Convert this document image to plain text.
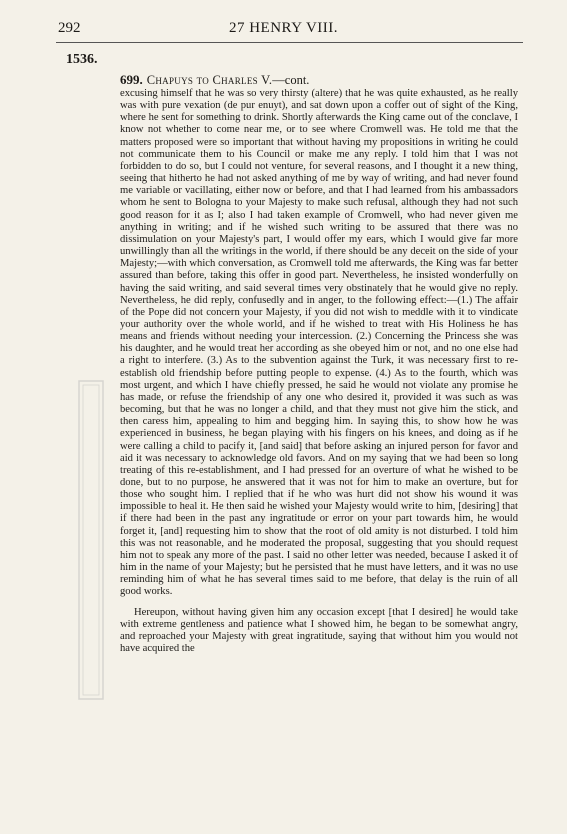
292	27 HENRY VIII.
1536.
699. Chapuys to Charles V.—cont.

excusing himself that he was so very thirsty (altere) that he was quite exhausted, as he really was with pure vexation (de pur enuyt), and sat down upon a coffer out of sight of the King, where he sent for something to drink. Shortly afterwards the King came out of the conclave, I know not whether to come near me, or to see where Cromwell was. He told me that the matters proposed were so important that without having my propositions in writing he could not communicate them to his Council or make me any reply. I told him that I was not forbidden to do so, but I could not venture, for several reasons, and I thought it a new thing, seeing that hitherto he had not asked anything of me by way of writing, and had never found me variable or vacillating, either now or before, and that I had learned from his ambassadors whom he sent to Bologna to your Majesty to make such refusal, although they had not such good reason for it as I; also I had taken example of Cromwell, who had never given me anything in writing; and if he wished such writing to be assured that there was no dissimulation on your Majesty's part, I would offer my ears, which I would give far more unwillingly than all the writings in the world, if there should be any deceit on the side of your Majesty;—with which conversation, as Cromwell told me afterwards, the King was far better assured than before, taking this offer in good part. Nevertheless, he insisted wonderfully on having the said writing, and said several times very obstinately that he would give no reply. Nevertheless, he did reply, confusedly and in anger, to the following effect:—(1.) The affair of the Pope did not concern your Majesty, if you did not wish to meddle with it to vindicate your authority over the whole world, and if he wished to treat with His Holiness he has means and friends without needing your intercession. (2.) Concerning the Princess she was his daughter, and he would treat her according as she obeyed him or not, and no one else had a right to interfere. (3.) As to the subvention against the Turk, it was necessary first to re-establish old friendship before putting people to expense. (4.) As to the fourth, which was most urgent, and which I have chiefly pressed, he said he would not violate any promise he has made, or refuse the friendship of any one who desired it, provided it was such as was becoming, but that he was no longer a child, and that they must not give him the stick, and then caress him, appealing to him and begging him. In saying this, to show how he was experienced in business, he began playing with his fingers on his knees, and doing as if he were calling a child to pacify it, [and said] that before asking an injured person for favor and aid it was necessary to acknowledge old favors. And on my saying that we had been so long treating of this re-establishment, and I had pressed for an overture of what he wished to be done, but to no purpose, he answered that it was not for him to make an overture, but for those who sought him. I replied that if he who was hurt did not show his wound it was impossible to heal it. He then said he wished your Majesty would write to him, [desiring] that if there had been in the past any ingratitude or error on your part towards him, he would forget it, [and] requesting him to show that the root of old amity is not disturbed. I told him this was not reasonable, and he moderated the proposal, suggesting that you should request him not to speak any more of the past. I said no other letter was needed, because I asked it of him in the name of your Majesty; but he persisted that he must have letters, and it was no use reminding him of what he has several times said to me before, that delay is the ruin of all good works.

Hereupon, without having given him any occasion except [that I desired] he would take with extreme gentleness and patience what I showed him, he began to be somewhat angry, and reproached your Majesty with great ingratitude, saying that without him you would not have acquired the
